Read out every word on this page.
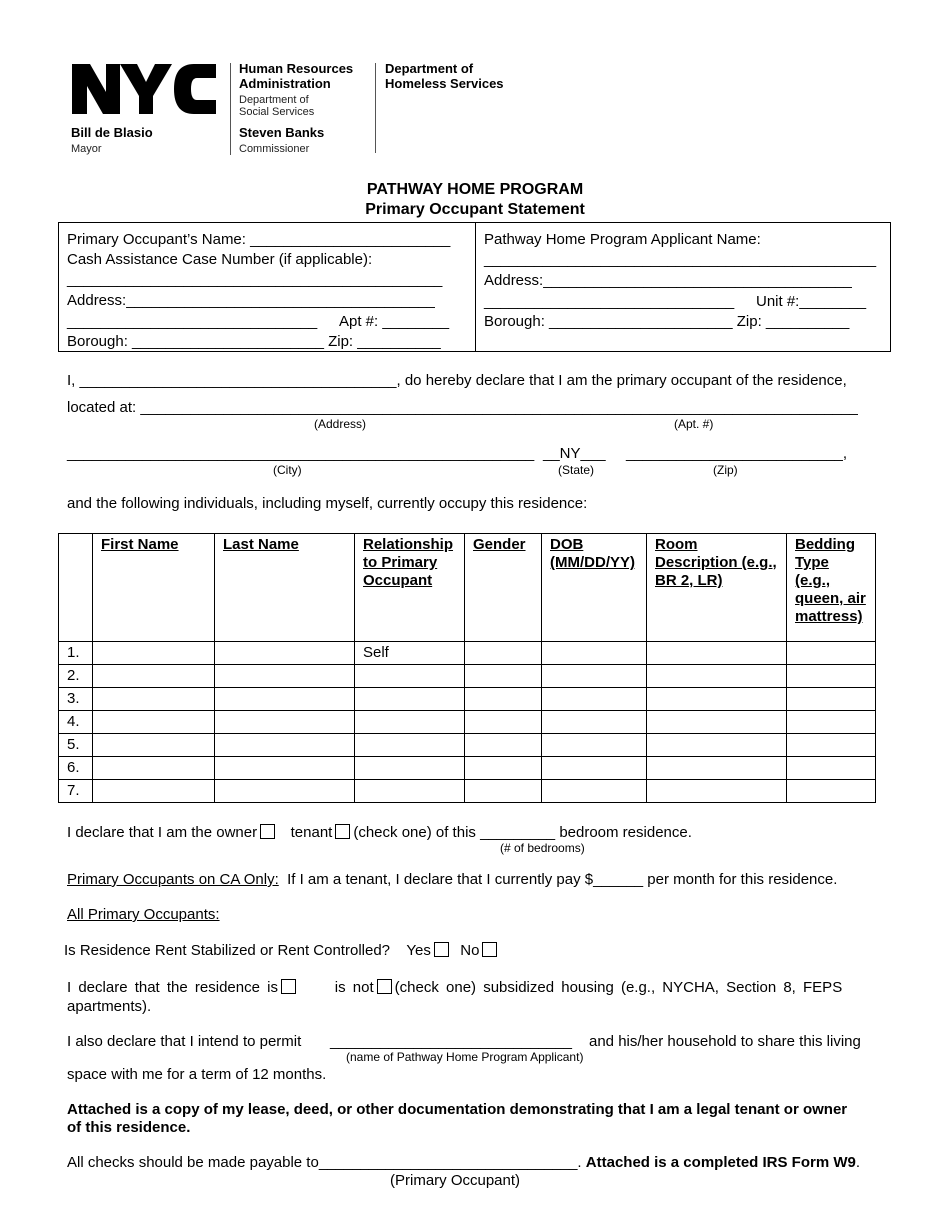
Bill de Blasio
Mayor
Human Resources
Administration
Department of
Social Services
Steven Banks
Commissioner
Department of
Homeless Services
PATHWAY HOME PROGRAM
Primary Occupant Statement
Primary Occupant’s Name: ________________________
Cash Assistance Case Number (if applicable):
_____________________________________________
Address:_____________________________________
______________________________ Apt #: ________
Borough: _______________________ Zip: __________
Pathway Home Program Applicant Name:
_______________________________________________
Address:_____________________________________
______________________________ Unit #:________
Borough: ______________________ Zip: __________
I, ______________________________________, do hereby declare that I am the primary occupant of the residence,
located at: ______________________________________________________________________________________
(Address)	(Apt. #)
________________________________________________________ __NY___ __________________________,
(City)	(State)	(Zip)
and the following individuals, including myself, currently occupy this residence:
	First Name	Last Name	Relationship to Primary Occupant	Gender	DOB (MM/DD/YY)	Room Description (e.g., BR 2, LR)	Bedding Type (e.g., queen, air mattress)
1.			Self				
2.							
3.							
4.							
5.							
6.							
7.							
I declare that I am the owner tenant (check one) of this _________ bedroom residence.
(# of bedrooms)
Primary Occupants on CA Only: If I am a tenant, I declare that I currently pay $______ per month for this residence.
All Primary Occupants:
Is Residence Rent Stabilized or Rent Controlled? Yes No
I declare that the residence is	is not (check one) subsidized housing (e.g., NYCHA, Section 8, FEPS
apartments).
I also declare that I intend to permit _____________________________ and his/her household to share this living
(name of Pathway Home Program Applicant)
space with me for a term of 12 months.
Attached is a copy of my lease, deed, or other documentation demonstrating that I am a legal tenant or owner
of this residence.
All checks should be made payable to_______________________________. Attached is a completed IRS Form W9.
(Primary Occupant)
